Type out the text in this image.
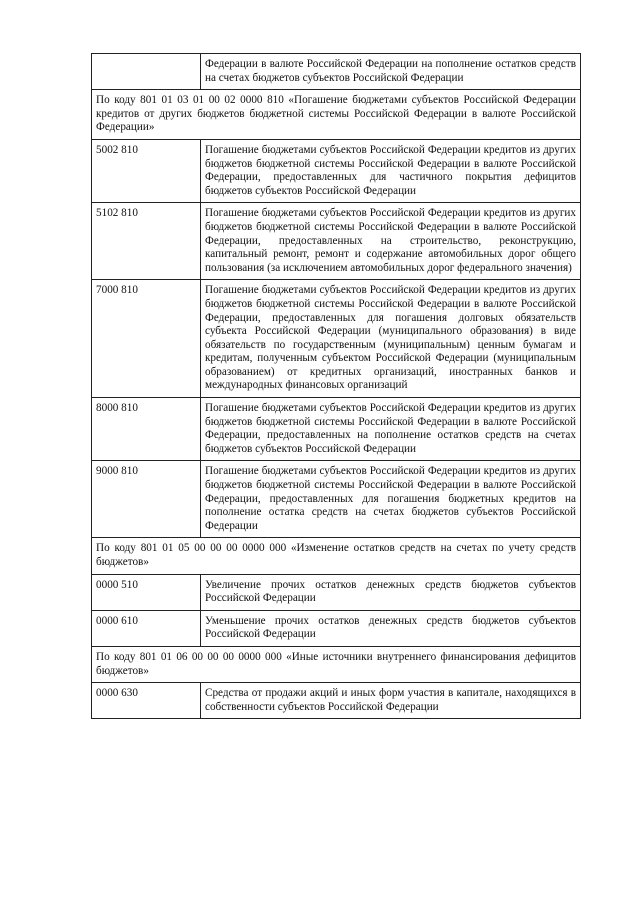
	Федерации в валюте Российской Федерации на пополнение остатков средств на счетах бюджетов субъектов Российской Федерации
По коду 801 01 03 01 00 02 0000 810 «Погашение бюджетами субъектов Российской Федерации кредитов от других бюджетов бюджетной системы Российской Федерации в валюте Российской Федерации»	
5002 810	Погашение бюджетами субъектов Российской Федерации кредитов из других бюджетов бюджетной системы Российской Федерации в валюте Российской Федерации, предоставленных для частичного покрытия дефицитов бюджетов субъектов Российской Федерации
5102 810	Погашение бюджетами субъектов Российской Федерации кредитов из других бюджетов бюджетной системы Российской Федерации в валюте Российской Федерации, предоставленных на строительство, реконструкцию, капитальный ремонт, ремонт и содержание автомобильных дорог общего пользования (за исключением автомобильных дорог федерального значения)
7000 810	Погашение бюджетами субъектов Российской Федерации кредитов из других бюджетов бюджетной системы Российской Федерации в валюте Российской Федерации, предоставленных для погашения долговых обязательств субъекта Российской Федерации (муниципального образования) в виде обязательств по государственным (муниципальным) ценным бумагам и кредитам, полученным субъектом Российской Федерации (муниципальным образованием) от кредитных организаций, иностранных банков и международных финансовых организаций
8000 810	Погашение бюджетами субъектов Российской Федерации кредитов из других бюджетов бюджетной системы Российской Федерации в валюте Российской Федерации, предоставленных на пополнение остатков средств на счетах бюджетов субъектов Российской Федерации
9000 810	Погашение бюджетами субъектов Российской Федерации кредитов из других бюджетов бюджетной системы Российской Федерации в валюте Российской Федерации, предоставленных для погашения бюджетных кредитов на пополнение остатка средств на счетах бюджетов субъектов Российской Федерации
По коду 801 01 05 00 00 00 0000 000 «Изменение остатков средств на счетах по учету средств бюджетов»	
0000 510	Увеличение прочих остатков денежных средств бюджетов субъектов Российской Федерации
0000 610	Уменьшение прочих остатков денежных средств бюджетов субъектов Российской Федерации
По коду 801 01 06 00 00 00 0000 000 «Иные источники внутреннего финансирования дефицитов бюджетов»	
0000 630	Средства от продажи акций и иных форм участия в капитале, находящихся в собственности субъектов Российской Федерации
